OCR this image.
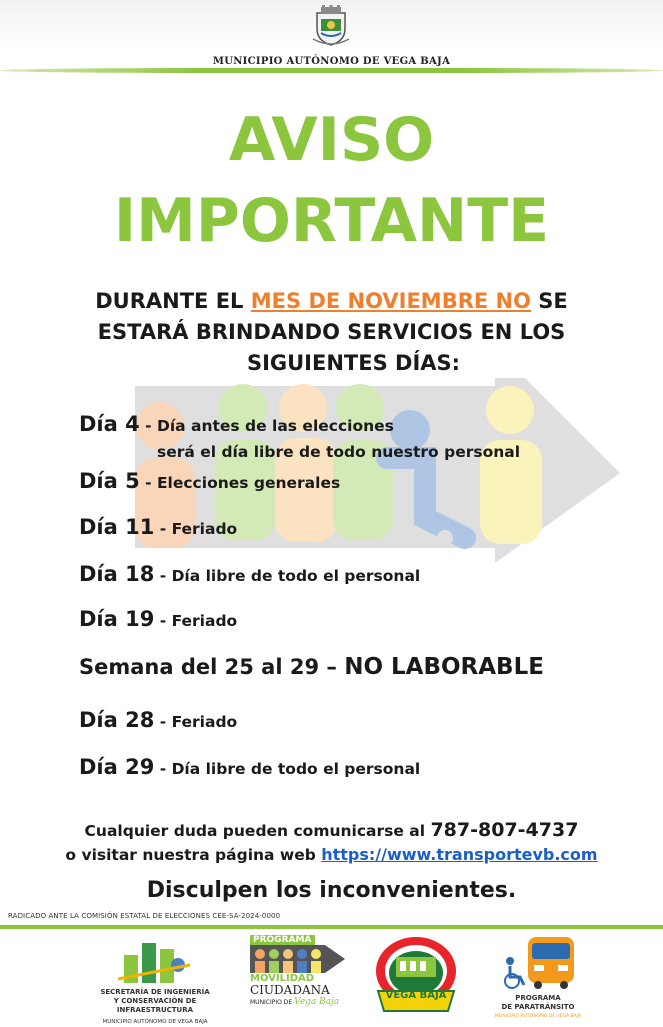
MUNICIPIO AUTÓNOMO DE VEGA BAJA
AVISO
IMPORTANTE
DURANTE EL MES DE NOVIEMBRE NO SE
ESTARÁ BRINDANDO SERVICIOS EN LOS
SIGUIENTES DÍAS:
Día 4 - Día antes de las elecciones
será el día libre de todo nuestro personal
Día 5 - Elecciones generales
Día 11 - Feriado
Día 18 - Día libre de todo el personal
Día 19 - Feriado
Semana del 25 al 29 – NO LABORABLE
Día 28 - Feriado
Día 29 - Día libre de todo el personal
Cualquier duda pueden comunicarse al 787-807-4737
o visitar nuestra página web https://www.transportevb.com
Disculpen los inconvenientes.
RADICADO ANTE LA COMISIÓN ESTATAL DE ELECCIONES CEE-SA-2024-0000
SECRETARÍA DE INGENIERÍA
Y CONSERVACIÓN DE INFRAESTRUCTURA
MUNICIPIO AUTÓNOMO DE VEGA BAJA
PROGRAMA
MOVILIDAD
CIUDADANA
MUNICIPIO DE Vega Baja
VEGA BAJA	PROGRAMA
DE PARATRÁNSITO
MUNICIPIO AUTÓNOMO DE VEGA BAJA
